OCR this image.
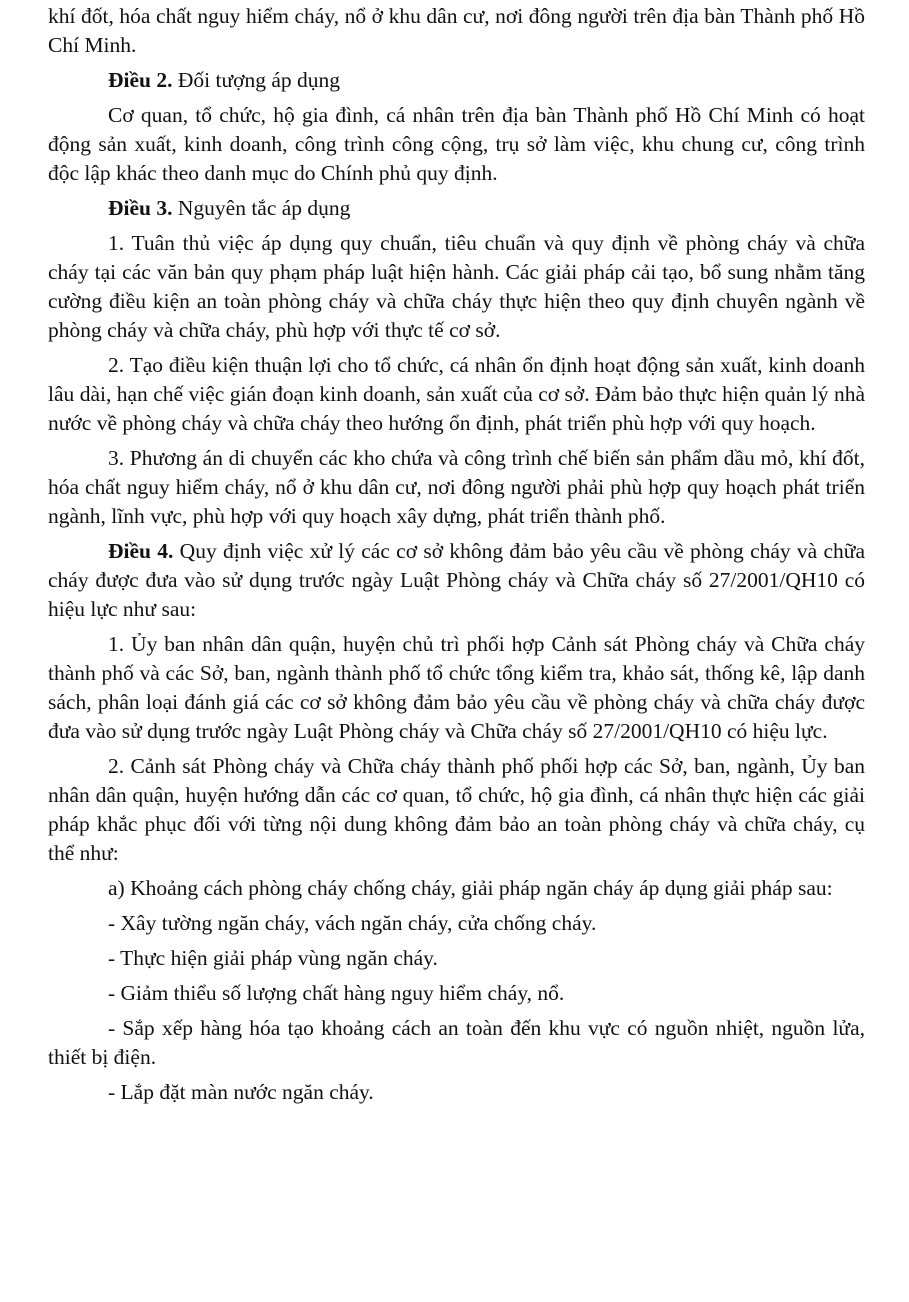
khí đốt, hóa chất nguy hiểm cháy, nổ ở khu dân cư, nơi đông người trên địa bàn Thành phố Hồ Chí Minh.

Điều 2. Đối tượng áp dụng

Cơ quan, tổ chức, hộ gia đình, cá nhân trên địa bàn Thành phố Hồ Chí Minh có hoạt động sản xuất, kinh doanh, công trình công cộng, trụ sở làm việc, khu chung cư, công trình độc lập khác theo danh mục do Chính phủ quy định.

Điều 3. Nguyên tắc áp dụng

1. Tuân thủ việc áp dụng quy chuẩn, tiêu chuẩn và quy định về phòng cháy và chữa cháy tại các văn bản quy phạm pháp luật hiện hành. Các giải pháp cải tạo, bổ sung nhằm tăng cường điều kiện an toàn phòng cháy và chữa cháy thực hiện theo quy định chuyên ngành về phòng cháy và chữa cháy, phù hợp với thực tế cơ sở.

2. Tạo điều kiện thuận lợi cho tổ chức, cá nhân ổn định hoạt động sản xuất, kinh doanh lâu dài, hạn chế việc gián đoạn kinh doanh, sản xuất của cơ sở. Đảm bảo thực hiện quản lý nhà nước về phòng cháy và chữa cháy theo hướng ổn định, phát triển phù hợp với quy hoạch.

3. Phương án di chuyển các kho chứa và công trình chế biến sản phẩm dầu mỏ, khí đốt, hóa chất nguy hiểm cháy, nổ ở khu dân cư, nơi đông người phải phù hợp quy hoạch phát triển ngành, lĩnh vực, phù hợp với quy hoạch xây dựng, phát triển thành phố.

Điều 4. Quy định việc xử lý các cơ sở không đảm bảo yêu cầu về phòng cháy và chữa cháy được đưa vào sử dụng trước ngày Luật Phòng cháy và Chữa cháy số 27/2001/QH10 có hiệu lực như sau:

1. Ủy ban nhân dân quận, huyện chủ trì phối hợp Cảnh sát Phòng cháy và Chữa cháy thành phố và các Sở, ban, ngành thành phố tổ chức tổng kiểm tra, khảo sát, thống kê, lập danh sách, phân loại đánh giá các cơ sở không đảm bảo yêu cầu về phòng cháy và chữa cháy được đưa vào sử dụng trước ngày Luật Phòng cháy và Chữa cháy số 27/2001/QH10 có hiệu lực.

2. Cảnh sát Phòng cháy và Chữa cháy thành phố phối hợp các Sở, ban, ngành, Ủy ban nhân dân quận, huyện hướng dẫn các cơ quan, tổ chức, hộ gia đình, cá nhân thực hiện các giải pháp khắc phục đối với từng nội dung không đảm bảo an toàn phòng cháy và chữa cháy, cụ thể như:

a) Khoảng cách phòng cháy chống cháy, giải pháp ngăn cháy áp dụng giải pháp sau:

- Xây tường ngăn cháy, vách ngăn cháy, cửa chống cháy.

- Thực hiện giải pháp vùng ngăn cháy.

- Giảm thiểu số lượng chất hàng nguy hiểm cháy, nổ.

- Sắp xếp hàng hóa tạo khoảng cách an toàn đến khu vực có nguồn nhiệt, nguồn lửa, thiết bị điện.

- Lắp đặt màn nước ngăn cháy.
